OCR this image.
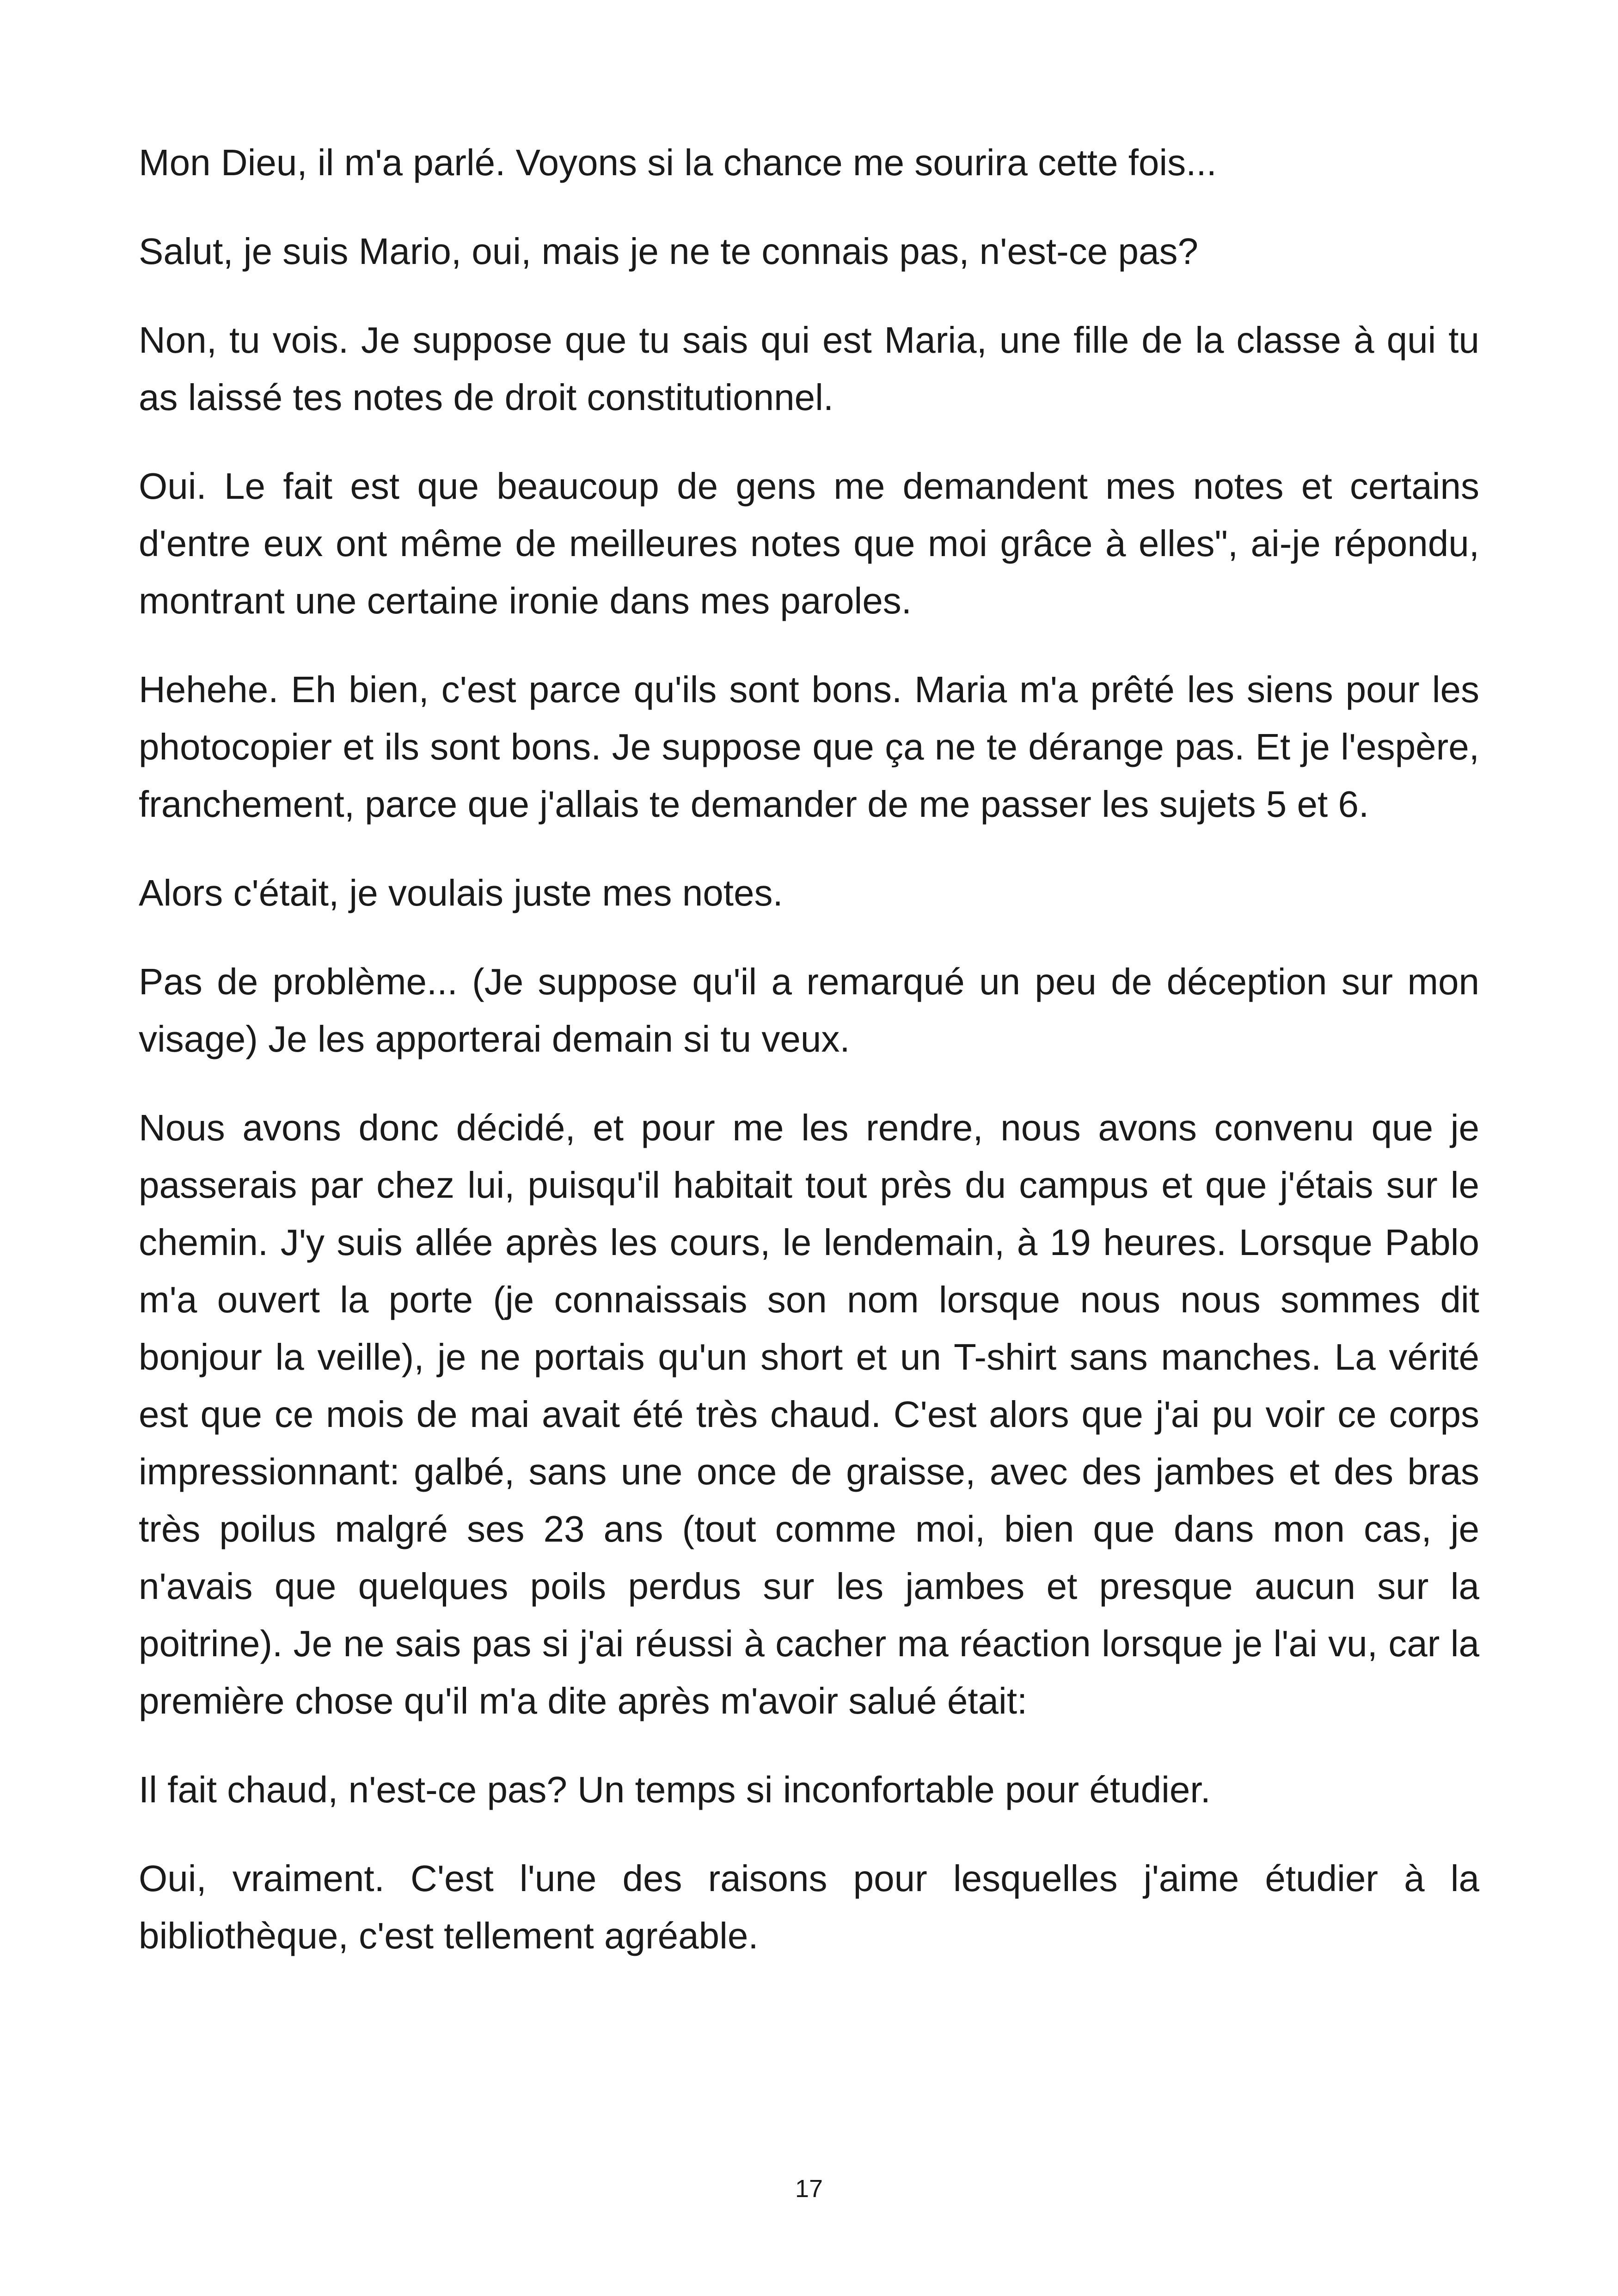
Mon Dieu, il m'a parlé. Voyons si la chance me sourira cette fois...

Salut, je suis Mario, oui, mais je ne te connais pas, n'est-ce pas?

Non, tu vois. Je suppose que tu sais qui est Maria, une fille de la classe à qui tu as laissé tes notes de droit constitutionnel.

Oui. Le fait est que beaucoup de gens me demandent mes notes et certains d'entre eux ont même de meilleures notes que moi grâce à elles", ai-je répondu, montrant une certaine ironie dans mes paroles.

Hehehe. Eh bien, c'est parce qu'ils sont bons. Maria m'a prêté les siens pour les photocopier et ils sont bons. Je suppose que ça ne te dérange pas. Et je l'espère, franchement, parce que j'allais te demander de me passer les sujets 5 et 6.

Alors c'était, je voulais juste mes notes.

Pas de problème... (Je suppose qu'il a remarqué un peu de déception sur mon visage) Je les apporterai demain si tu veux.

Nous avons donc décidé, et pour me les rendre, nous avons convenu que je passerais par chez lui, puisqu'il habitait tout près du campus et que j'étais sur le chemin. J'y suis allée après les cours, le lendemain, à 19 heures. Lorsque Pablo m'a ouvert la porte (je connaissais son nom lorsque nous nous sommes dit bonjour la veille), je ne portais qu'un short et un T-shirt sans manches. La vérité est que ce mois de mai avait été très chaud. C'est alors que j'ai pu voir ce corps impressionnant: galbé, sans une once de graisse, avec des jambes et des bras très poilus malgré ses 23 ans (tout comme moi, bien que dans mon cas, je n'avais que quelques poils perdus sur les jambes et presque aucun sur la poitrine). Je ne sais pas si j'ai réussi à cacher ma réaction lorsque je l'ai vu, car la première chose qu'il m'a dite après m'avoir salué était:

Il fait chaud, n'est-ce pas? Un temps si inconfortable pour étudier.

Oui, vraiment. C'est l'une des raisons pour lesquelles j'aime étudier à la bibliothèque, c'est tellement agréable.

17
